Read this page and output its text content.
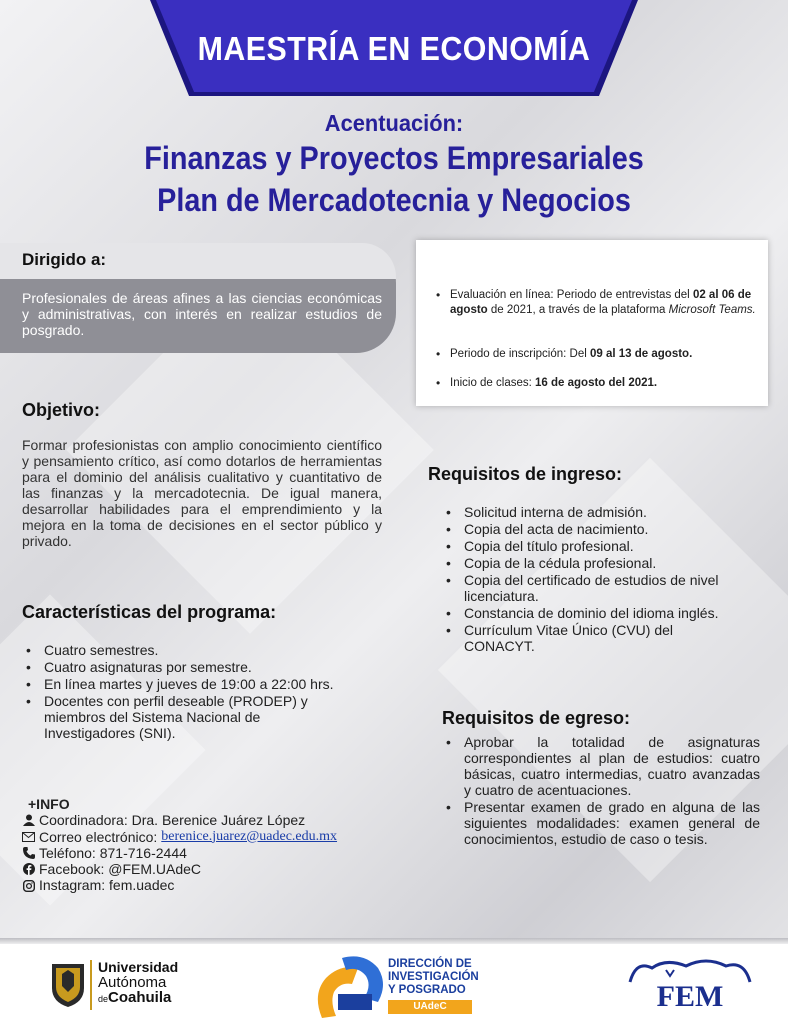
MAESTRÍA EN ECONOMÍA
Acentuación:
Finanzas y Proyectos Empresariales
Plan de Mercadotecnia y Negocios
Dirigido a:
Profesionales de áreas afines a las ciencias económicas y administrativas, con interés en realizar estudios de posgrado.
Objetivo:
Formar profesionistas con amplio conocimiento científico y pensamiento crítico, así como dotarlos de herramientas para el dominio del análisis cualitativo y cuantitativo de las finanzas y la mercadotecnia. De igual manera, desarrollar habilidades para el emprendimiento y la mejora en la toma de decisiones en el sector público y privado.
Características del programa:
• Cuatro semestres.
• Cuatro asignaturas por semestre.
• En línea martes y jueves de 19:00 a 22:00 hrs.
• Docentes con perfil deseable (PRODEP) y miembros del Sistema Nacional de Investigadores (SNI).
• Evaluación en línea: Periodo de entrevistas del 02 al 06 de agosto de 2021, a través de la plataforma Microsoft Teams.
• Periodo de inscripción: Del 09 al 13 de agosto.
• Inicio de clases: 16 de agosto del 2021.
Requisitos de ingreso:
• Solicitud interna de admisión.
• Copia del acta de nacimiento.
• Copia del título profesional.
• Copia de la cédula profesional.
• Copia del certificado de estudios de nivel licenciatura.
• Constancia de dominio del idioma inglés.
• Currículum Vitae Único (CVU) del CONACYT.
Requisitos de egreso:
• Aprobar la totalidad de asignaturas correspondientes al plan de estudios: cuatro básicas, cuatro intermedias, cuatro avanzadas y cuatro de acentuaciones.
• Presentar examen de grado en alguna de las siguientes modalidades: examen general de conocimientos, estudio de caso o tesis.
+INFO
Coordinadora: Dra. Berenice Juárez López
Correo electrónico: berenice.juarez@uadec.edu.mx
Teléfono: 871-716-2444
Facebook: @FEM.UAdeC
Instagram: fem.uadec
Universidad
Autónoma
deCoahuila
DIRECCIÓN DE
INVESTIGACIÓN
Y POSGRADO
UAdeC	FEM
